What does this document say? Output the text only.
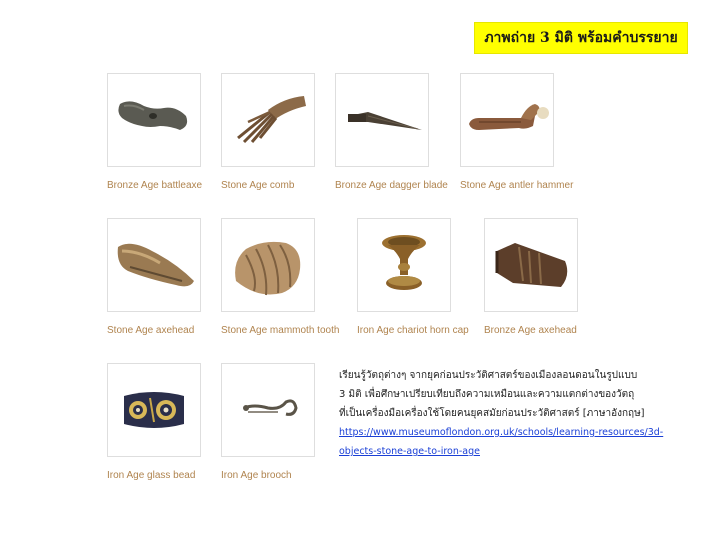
ภาพถ่าย 3 มิติ พร้อมคำบรรยาย
Bronze Age battleaxe Stone Age comb	Bronze Age dagger blade Stone Age antler hammer
Stone Age axehead	Stone Age mammoth tooth Iron Age chariot horn cap Bronze Age axehead
Iron Age glass bead	Iron Age brooch

เรียนรู้วัตถุต่างๆ จากยุคก่อนประวัติศาสตร์ของเมืองลอนดอนในรูปแบบ

3 มิติ เพื่อศึกษาเปรียบเทียบถึงความเหมือนและความแตกต่างของวัตถุ

ที่เป็นเครื่องมือเครื่องใช้โดยคนยุคสมัยก่อนประวัติศาสตร์ [ภาษาอังกฤษ]

https://www.museumoflondon.org.uk/schools/learning-resources/3d-

objects-stone-age-to-iron-age
